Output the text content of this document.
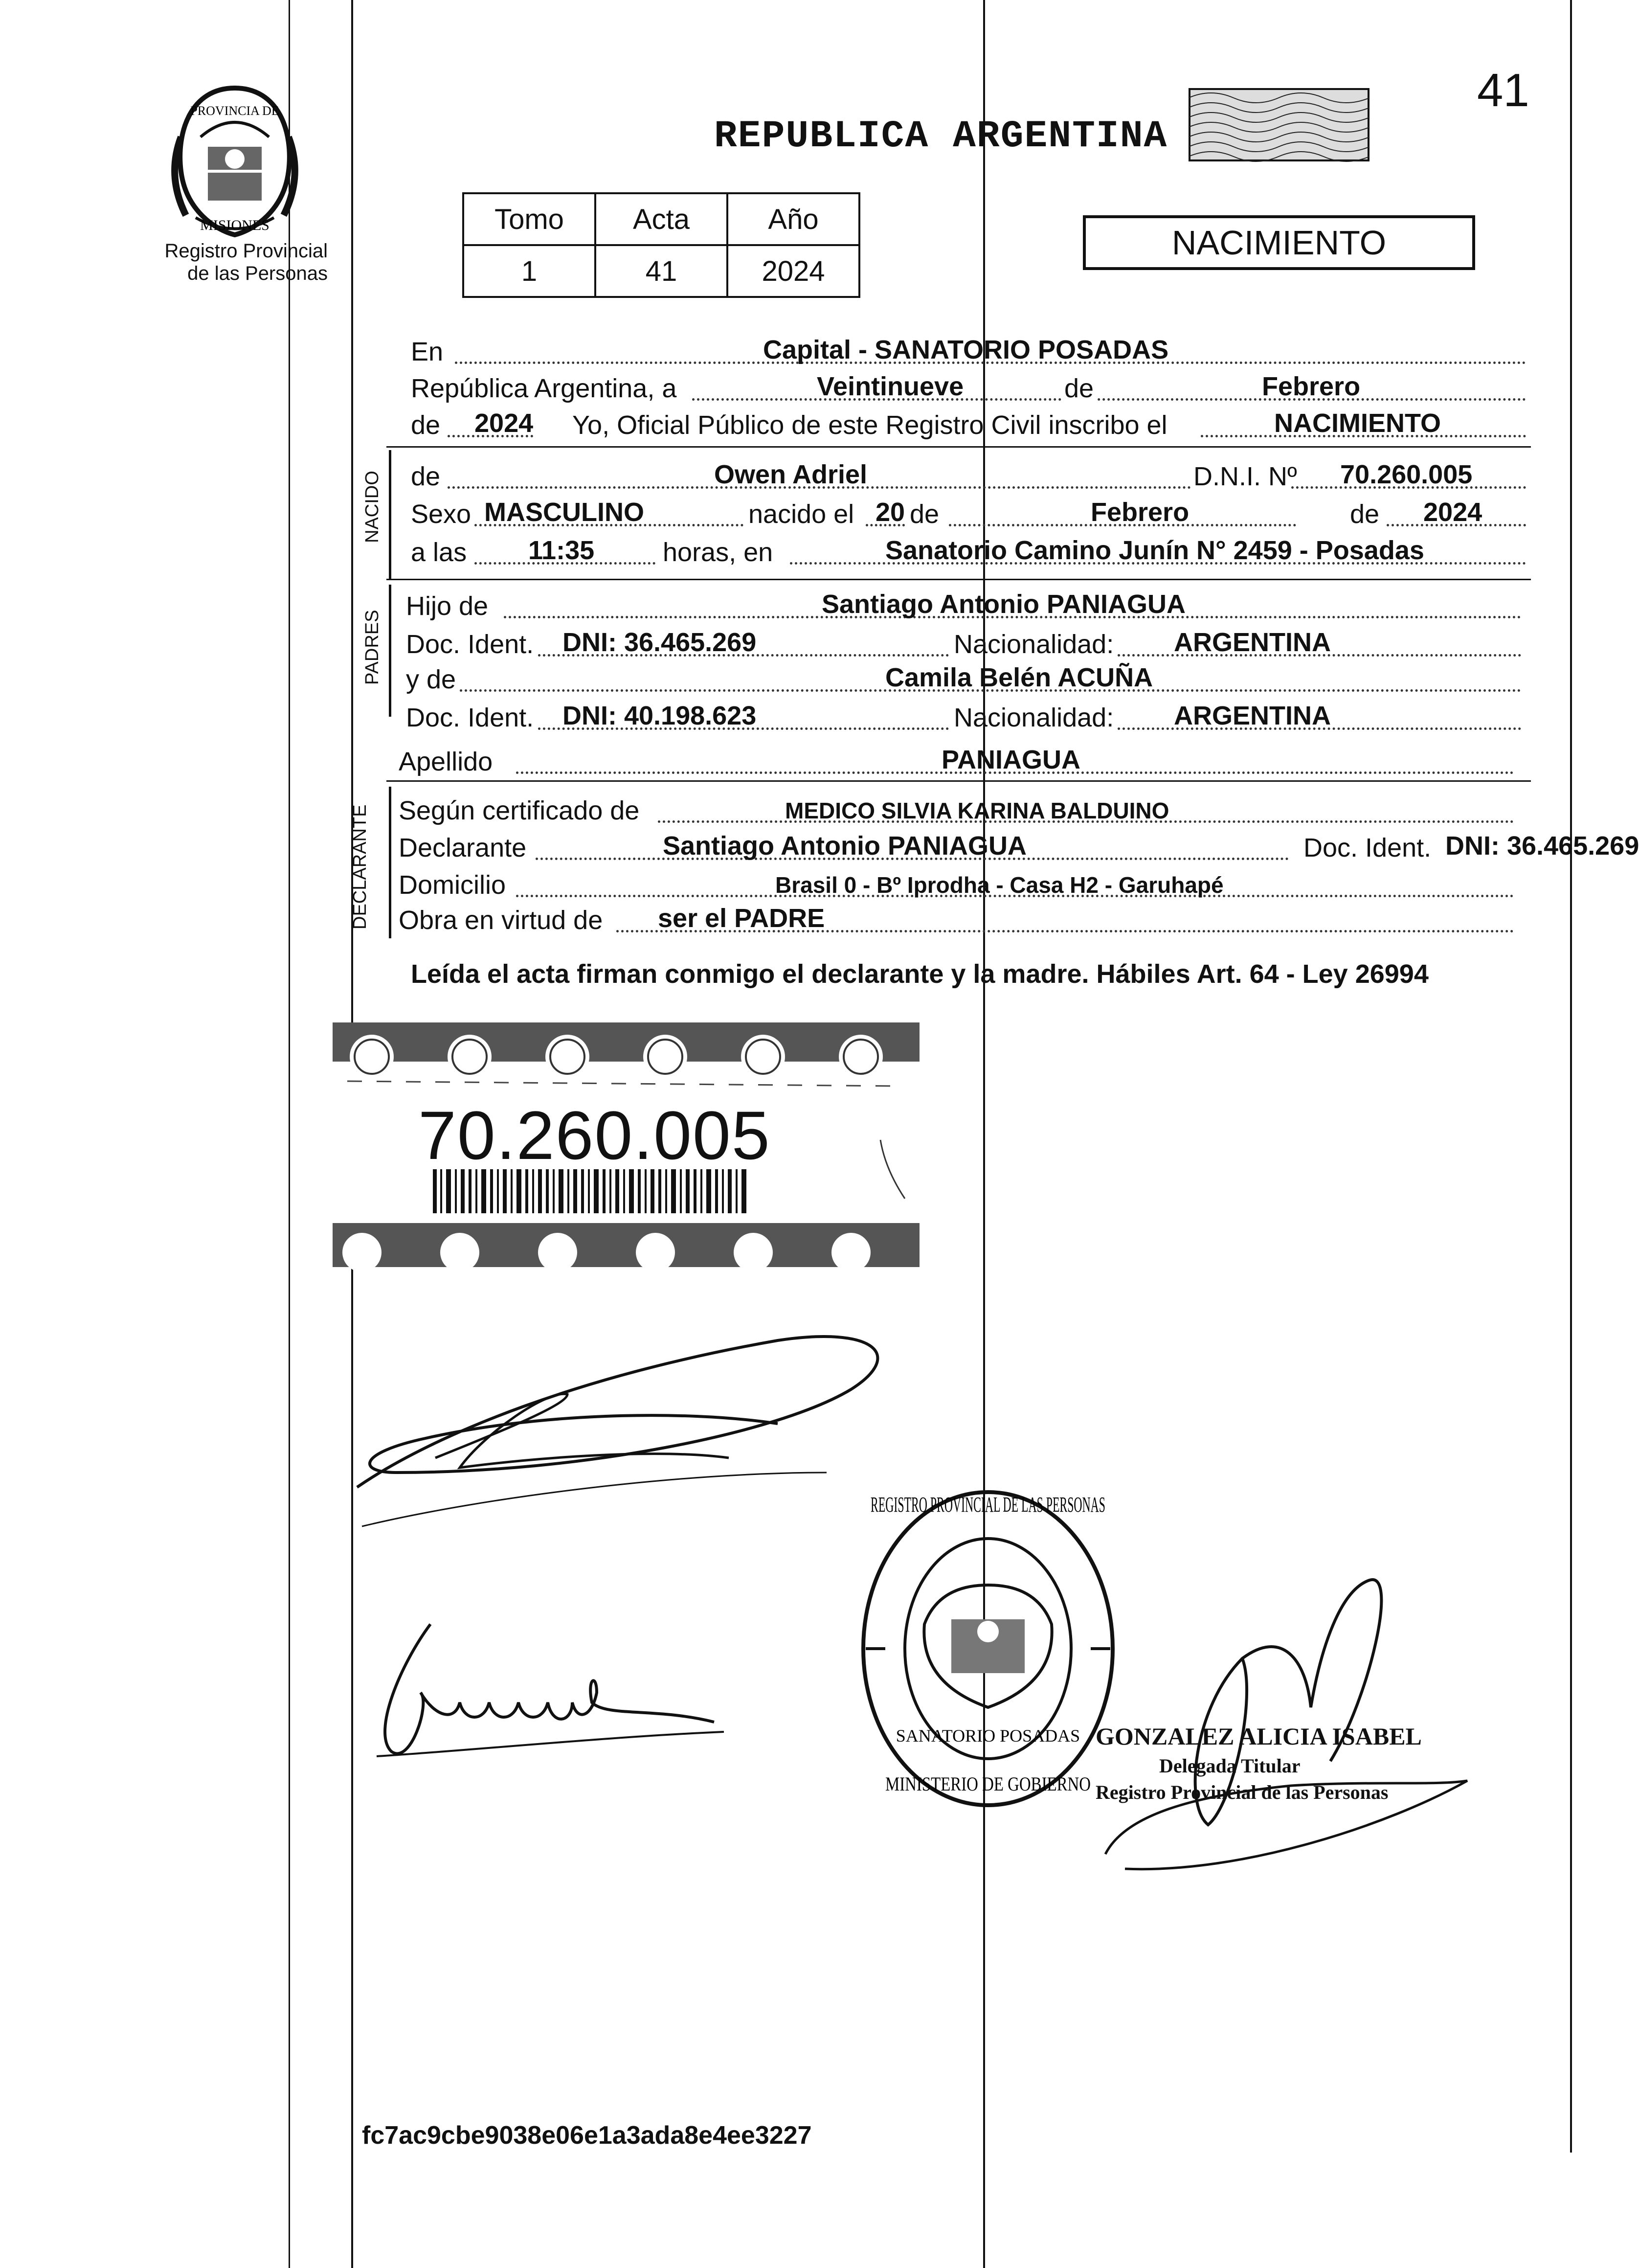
41
PROVINCIA DE
MISIONES
Registro Provincial
de las Personas
REPUBLICA ARGENTINA
Tomo	Acta	Año
1	41	2024
NACIMIENTO
En	Capital - SANATORIO POSADAS
República Argentina, a	Veintinueve	de	Febrero
de 2024 Yo, Oficial Público de este Registro Civil inscribo el	NACIMIENTO
NACIDO de	Owen Adriel	D.N.I. Nº 70.260.005
Sexo MASCULINO	nacido el 20 de	Febrero	de 2024
a las 11:35	horas, en	Sanatorio Camino Junín N° 2459 - Posadas
PADRES
Hijo de	Santiago Antonio PANIAGUA
Doc. Ident. DNI: 36.465.269	Nacionalidad: ARGENTINA
y de	Camila Belén ACUÑA
Doc. Ident. DNI: 40.198.623	Nacionalidad: ARGENTINA
Apellido	PANIAGUA
DECLARANTE Según certificado de	MEDICO SILVIA KARINA BALDUINO
Declarante	Santiago Antonio PANIAGUA	Doc. Ident. DNI: 36.465.269
Domicilio	Brasil 0 - Bº Iprodha - Casa H2 - Garuhapé
Obra en virtud de ser el PADRE
Leída el acta firman conmigo el declarante y la madre. Hábiles Art. 64 - Ley 26994
70.260.005
REGISTRO PROVINCIAL DE LAS PERSONAS
SANATORIO POSADAS
MINISTERIO DE GOBIERNO
GONZALEZ ALICIA ISABEL
Delegada Titular
Registro Provincial de las Personas
fc7ac9cbe9038e06e1a3ada8e4ee3227
